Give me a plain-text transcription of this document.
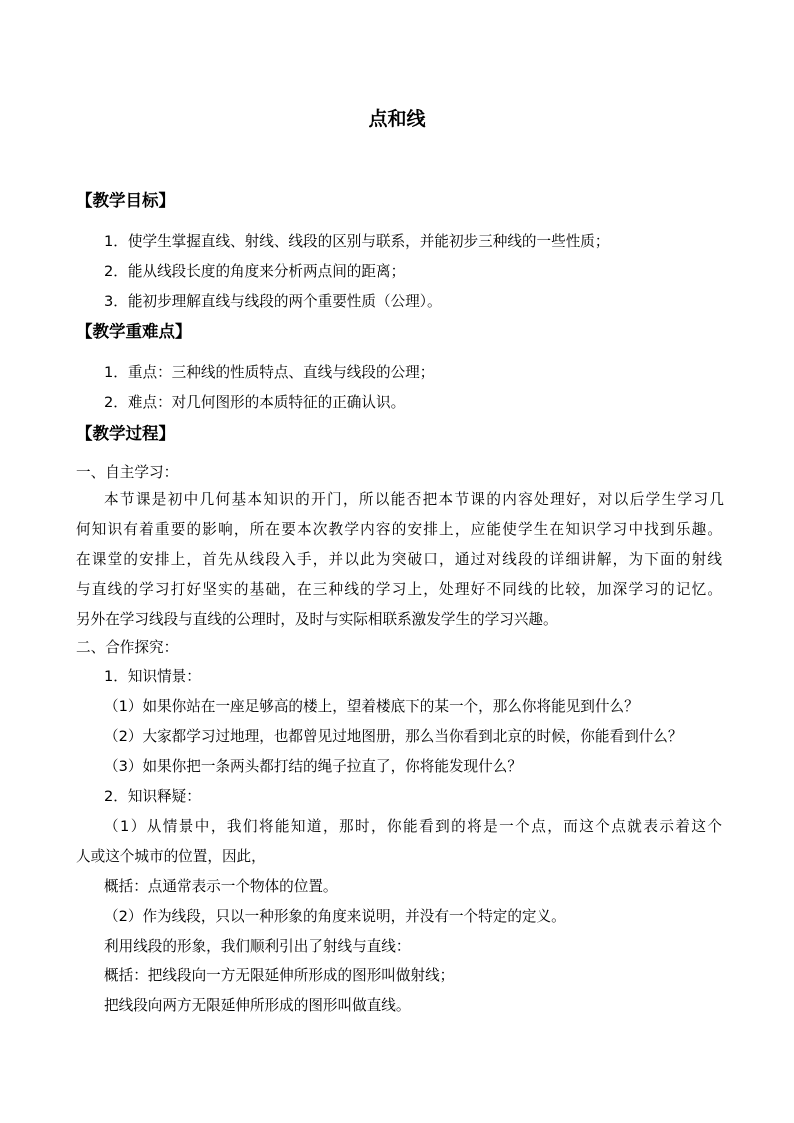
点和线
【教学目标】
1．使学生掌握直线、射线、线段的区别与联系，并能初步三种线的一些性质；
2．能从线段长度的角度来分析两点间的距离；
3．能初步理解直线与线段的两个重要性质（公理）。
【教学重难点】
1．重点：三种线的性质特点、直线与线段的公理；
2．难点：对几何图形的本质特征的正确认识。
【教学过程】
一、自主学习：
本节课是初中几何基本知识的开门，所以能否把本节课的内容处理好，对以后学生学习几
何知识有着重要的影响，所在要本次教学内容的安排上，应能使学生在知识学习中找到乐趣。
在课堂的安排上，首先从线段入手，并以此为突破口，通过对线段的详细讲解，为下面的射线
与直线的学习打好坚实的基础，在三种线的学习上，处理好不同线的比较，加深学习的记忆。
另外在学习线段与直线的公理时，及时与实际相联系激发学生的学习兴趣。
二、合作探究：
1．知识情景：
（1）如果你站在一座足够高的楼上，望着楼底下的某一个，那么你将能见到什么？
（2）大家都学习过地理，也都曾见过地图册，那么当你看到北京的时候，你能看到什么？
（3）如果你把一条两头都打结的绳子拉直了，你将能发现什么？
2．知识释疑：
（1）从情景中，我们将能知道，那时，你能看到的将是一个点，而这个点就表示着这个
人或这个城市的位置，因此，
概括：点通常表示一个物体的位置。
（2）作为线段，只以一种形象的角度来说明，并没有一个特定的定义。
利用线段的形象，我们顺利引出了射线与直线：
概括：把线段向一方无限延伸所形成的图形叫做射线；
把线段向两方无限延伸所形成的图形叫做直线。
